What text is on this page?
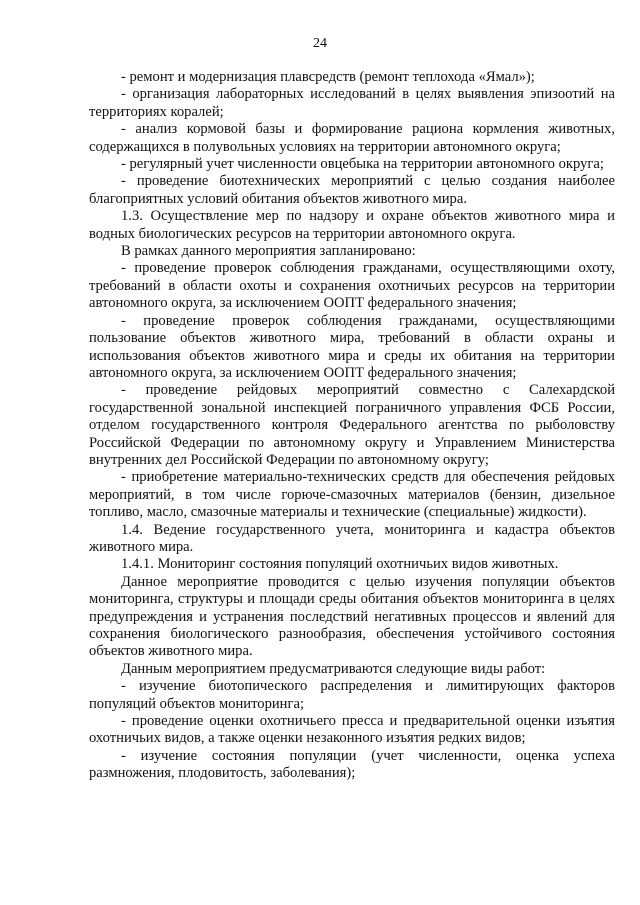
24

- ремонт и модернизация плавсредств (ремонт теплохода «Ямал»);

- организация лабораторных исследований в целях выявления эпизоотий на территориях коралей;

- анализ кормовой базы и формирование рациона кормления животных, содержащихся в полувольных условиях на территории автономного округа;

- регулярный учет численности овцебыка на территории автономного округа;

- проведение биотехнических мероприятий с целью создания наиболее благоприятных условий обитания объектов животного мира.

1.3. Осуществление мер по надзору и охране объектов животного мира и водных биологических ресурсов на территории автономного округа.

В рамках данного мероприятия запланировано:

- проведение проверок соблюдения гражданами, осуществляющими охоту, требований в области охоты и сохранения охотничьих ресурсов на территории автономного округа, за исключением ООПТ федерального значения;

- проведение проверок соблюдения гражданами, осуществляющими пользование объектов животного мира, требований в области охраны и использования объектов животного мира и среды их обитания на территории автономного округа, за исключением ООПТ федерального значения;

- проведение рейдовых мероприятий совместно с Салехардской государственной зональной инспекцией пограничного управления ФСБ России, отделом государственного контроля Федерального агентства по рыболовству Российской Федерации по автономному округу и Управлением Министерства внутренних дел Российской Федерации по автономному округу;

- приобретение материально-технических средств для обеспечения рейдовых мероприятий, в том числе горюче-смазочных материалов (бензин, дизельное топливо, масло, смазочные материалы и технические (специальные) жидкости).

1.4. Ведение государственного учета, мониторинга и кадастра объектов животного мира.

1.4.1. Мониторинг состояния популяций охотничьих видов животных.

Данное мероприятие проводится с целью изучения популяции объектов мониторинга, структуры и площади среды обитания объектов мониторинга в целях предупреждения и устранения последствий негативных процессов и явлений для сохранения биологического разнообразия, обеспечения устойчивого состояния объектов животного мира.

Данным мероприятием предусматриваются следующие виды работ:

- изучение биотопического распределения и лимитирующих факторов популяций объектов мониторинга;

- проведение оценки охотничьего пресса и предварительной оценки изъятия охотничьих видов, а также оценки незаконного изъятия редких видов;

- изучение состояния популяции (учет численности, оценка успеха размножения, плодовитость, заболевания);
